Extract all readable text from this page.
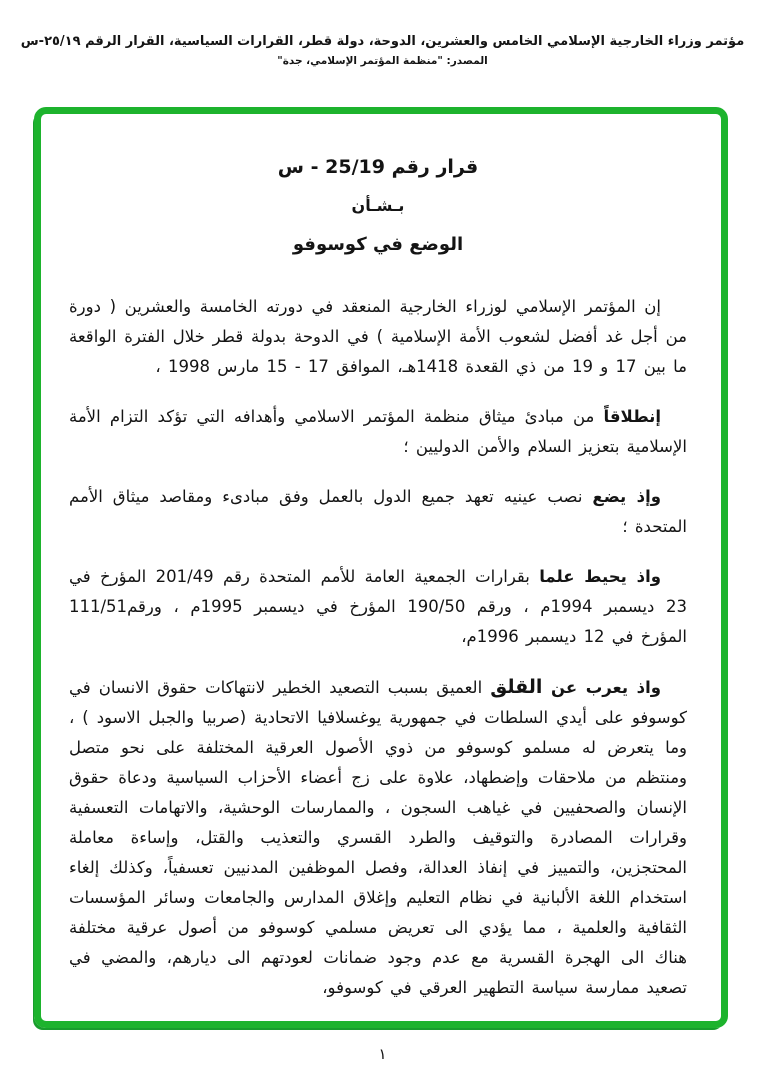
مؤتمر وزراء الخارجية الإسلامي الخامس والعشرين، الدوحة، دولة قطر، القرارات السياسية، القرار الرقم ٢٥/١٩-س
المصدر: "منظمة المؤتمر الإسلامي، جدة"
قرار رقم 25/19 - س
بـشـأن
الوضع في كوسوفو

إن المؤتمر الإسلامي لوزراء الخارجية المنعقد في دورته الخامسة والعشرين ( دورة من أجل غد أفضل لشعوب الأمة الإسلامية ) في الدوحة بدولة قطر خلال الفترة الواقعة ما بين 17 و 19 من ذي القعدة 1418هـ، الموافق ⁦15 - 17⁩ مارس 1998 ،

إنطلاقاً من مبادئ ميثاق منظمة المؤتمر الاسلامي وأهدافه التي تؤكد التزام الأمة الإسلامية بتعزيز السلام والأمن الدوليين ؛

وإذ يضع نصب عينيه تعهد جميع الدول بالعمل وفق مبادىء ومقاصد ميثاق الأمم المتحدة ؛

واذ يحيط علما بقرارات الجمعية العامة للأمم المتحدة رقم 201/49 المؤرخ في 23 ديسمبر 1994م ، ورقم 190/50 المؤرخ في ديسمبر 1995م ، ورقم111/51 المؤرخ في 12 ديسمبر 1996م،

واذ يعرب عن القلق العميق بسبب التصعيد الخطير لانتهاكات حقوق الانسان في كوسوفو على أيدي السلطات في جمهورية يوغسلافيا الاتحادية (صربيا والجبل الاسود ) ، وما يتعرض له مسلمو كوسوفو من ذوي الأصول العرقية المختلفة على نحو متصل ومنتظم من ملاحقات وإضطهاد، علاوة على زج أعضاء الأحزاب السياسية ودعاة حقوق الإنسان والصحفيين في غياهب السجون ، والممارسات الوحشية، والاتهامات التعسفية وقرارات المصادرة والتوقيف والطرد القسري والتعذيب والقتل، وإساءة معاملة المحتجزين، والتمييز في إنفاذ العدالة، وفصل الموظفين المدنيين تعسفياً، وكذلك إلغاء استخدام اللغة الألبانية في نظام التعليم وإغلاق المدارس والجامعات وسائر المؤسسات الثقافية والعلمية ، مما يؤدي الى تعريض مسلمي كوسوفو من أصول عرقية مختلفة هناك الى الهجرة القسرية مع عدم وجود ضمانات لعودتهم الى ديارهم، والمضي في تصعيد ممارسة سياسة التطهير العرقي في كوسوفو،

١
